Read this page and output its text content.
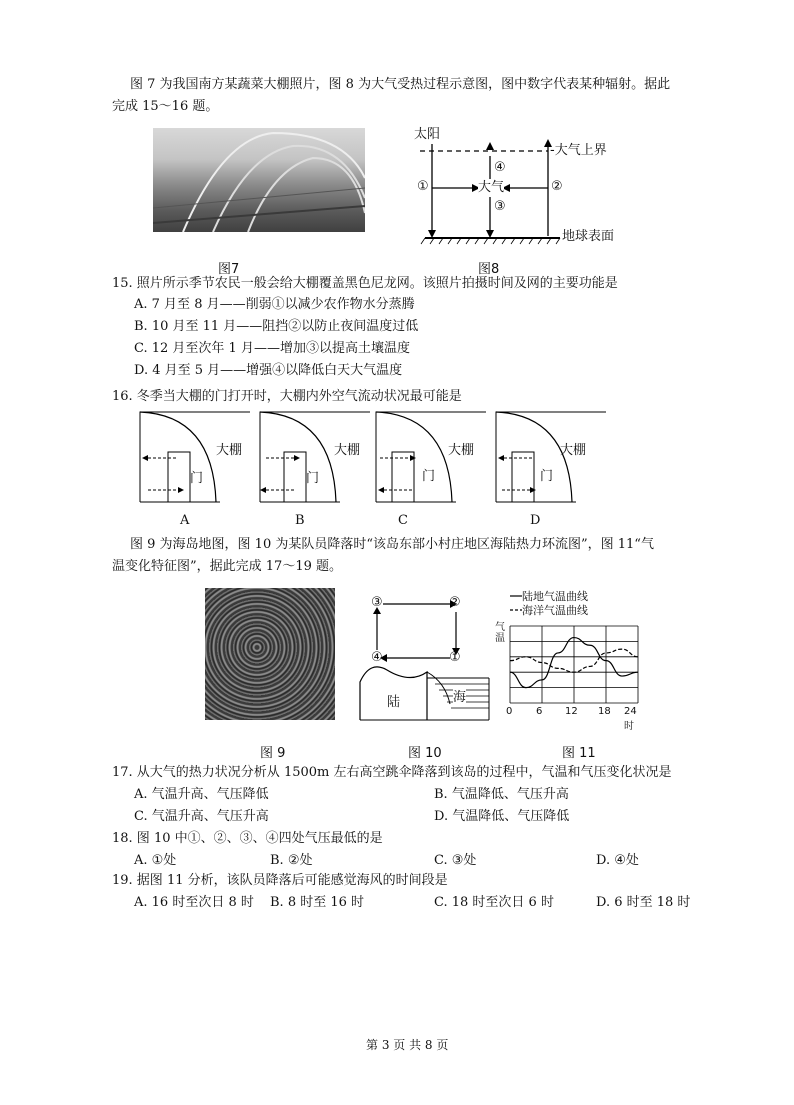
图 7 为我国南方某蔬菜大棚照片，图 8 为大气受热过程示意图，图中数字代表某种辐射。据此
完成 15～16 题。
图7
太阳
-大气上界
①	②
③
④
大气
地球表面
图8
15. 照片所示季节农民一般会给大棚覆盖黑色尼龙网。该照片拍摄时间及网的主要功能是
A. 7 月至 8 月——削弱①以减少农作物水分蒸腾
B. 10 月至 11 月——阻挡②以防止夜间温度过低
C. 12 月至次年 1 月——增加③以提高土壤温度
D. 4 月至 5 月——增强④以降低白天大气温度
16. 冬季当大棚的门打开时，大棚内外空气流动状况最可能是
大棚
门
A
大棚
门
B
大棚
门
C
大棚
门
D
图 9 为海岛地图，图 10 为某队员降落时“该岛东部小村庄地区海陆热力环流图”，图 11“气
温变化特征图”，据此完成 17～19 题。
图 9
③	②
④	①
陆	海
图 10
陆地气温曲线
海洋气温曲线
气温
0 6 12 18 24时
图 11
17. 从大气的热力状况分析从 1500m 左右高空跳伞降落到该岛的过程中，气温和气压变化状况是
A. 气温升高、气压降低	B. 气温降低、气压升高
C. 气温升高、气压升高	D. 气温降低、气压降低
18. 图 10 中①、②、③、④四处气压最低的是
A. ①处	B. ②处	C. ③处	D. ④处
19. 据图 11 分析，该队员降落后可能感觉海风的时间段是
A. 16 时至次日 8 时 B. 8 时至 16 时	C. 18 时至次日 6 时	D. 6 时至 18 时
第 3 页 共 8 页
